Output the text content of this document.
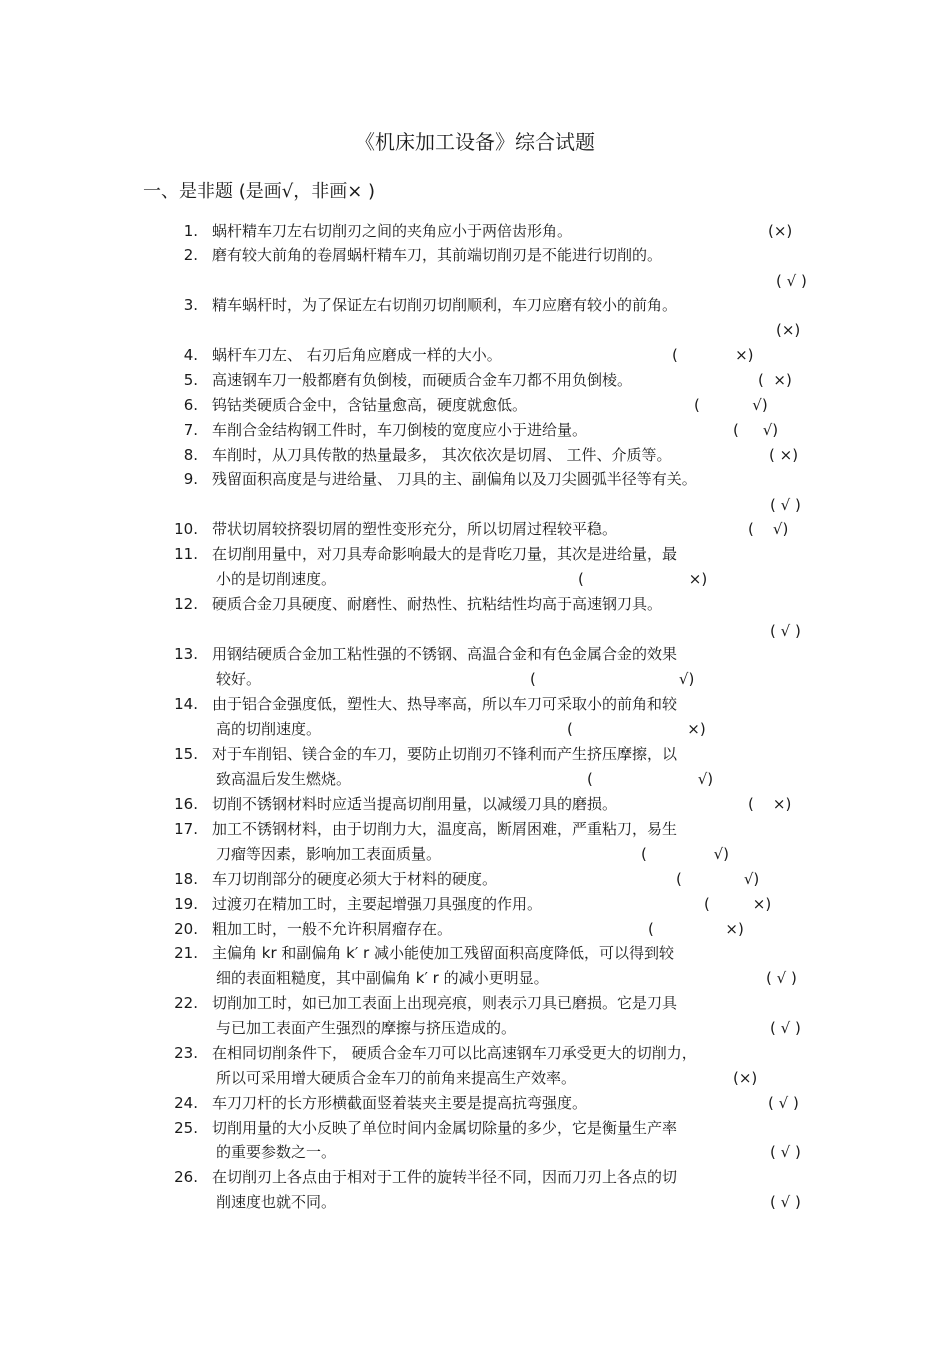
《机床加工设备》综合试题
一、是非题 (是画√，非画× )
1. 蜗杆精车刀左右切削刃之间的夹角应小于两倍齿形角。	(×)
2. 磨有较大前角的卷屑蜗杆精车刀，其前端切削刃是不能进行切削的。
( √ )
3. 精车蜗杆时，为了保证左右切削刃切削顺利，车刀应磨有较小的前角。
(×)
4. 蜗杆车刀左、 右刃后角应磨成一样的大小。	(            ×)
5. 高速钢车刀一般都磨有负倒棱，而硬质合金车刀都不用负倒棱。	(  ×)
6. 钨钴类硬质合金中，含钴量愈高，硬度就愈低。	(           √)
7. 车削合金结构钢工件时，车刀倒棱的宽度应小于进给量。	(     √)
8. 车削时，从刀具传散的热量最多， 其次依次是切屑、 工件、介质等。	( ×)
9. 残留面积高度是与进给量、 刀具的主、副偏角以及刀尖圆弧半径等有关。
( √ )
10. 带状切屑较挤裂切屑的塑性变形充分，所以切屑过程较平稳。	(    √)
11. 在切削用量中，对刀具寿命影响最大的是背吃刀量，其次是进给量，最
小的是切削速度。	(                      ×)
12. 硬质合金刀具硬度、耐磨性、耐热性、抗粘结性均高于高速钢刀具。
( √ )
13. 用钢结硬质合金加工粘性强的不锈钢、高温合金和有色金属合金的效果
较好。	(                              √)
14. 由于铝合金强度低，塑性大、热导率高，所以车刀可采取小的前角和较
高的切削速度。	(                        ×)
15. 对于车削铝、镁合金的车刀，要防止切削刃不锋利而产生挤压摩擦，以
致高温后发生燃烧。	(                      √)
16. 切削不锈钢材料时应适当提高切削用量，以减缓刀具的磨损。	(    ×)
17. 加工不锈钢材料，由于切削力大，温度高，断屑困难，严重粘刀，易生
刀瘤等因素，影响加工表面质量。	(              √)
18. 车刀切削部分的硬度必须大于材料的硬度。	(             √)
19. 过渡刃在精加工时，主要起增强刀具强度的作用。	(         ×)
20. 粗加工时，一般不允许积屑瘤存在。	(               ×)
21. 主偏角 kr 和副偏角 k′ r 减小能使加工残留面积高度降低，可以得到较
细的表面粗糙度，其中副偏角 k′ r 的减小更明显。	( √ )
22. 切削加工时，如已加工表面上出现亮痕，则表示刀具已磨损。它是刀具
与已加工表面产生强烈的摩擦与挤压造成的。	( √ )
23. 在相同切削条件下， 硬质合金车刀可以比高速钢车刀承受更大的切削力，
所以可采用增大硬质合金车刀的前角来提高生产效率。	(×)
24. 车刀刀杆的长方形横截面竖着装夹主要是提高抗弯强度。	( √ )
25. 切削用量的大小反映了单位时间内金属切除量的多少，它是衡量生产率
的重要参数之一。	( √ )
26. 在切削刃上各点由于相对于工件的旋转半径不同，因而刀刃上各点的切
削速度也就不同。	( √ )
